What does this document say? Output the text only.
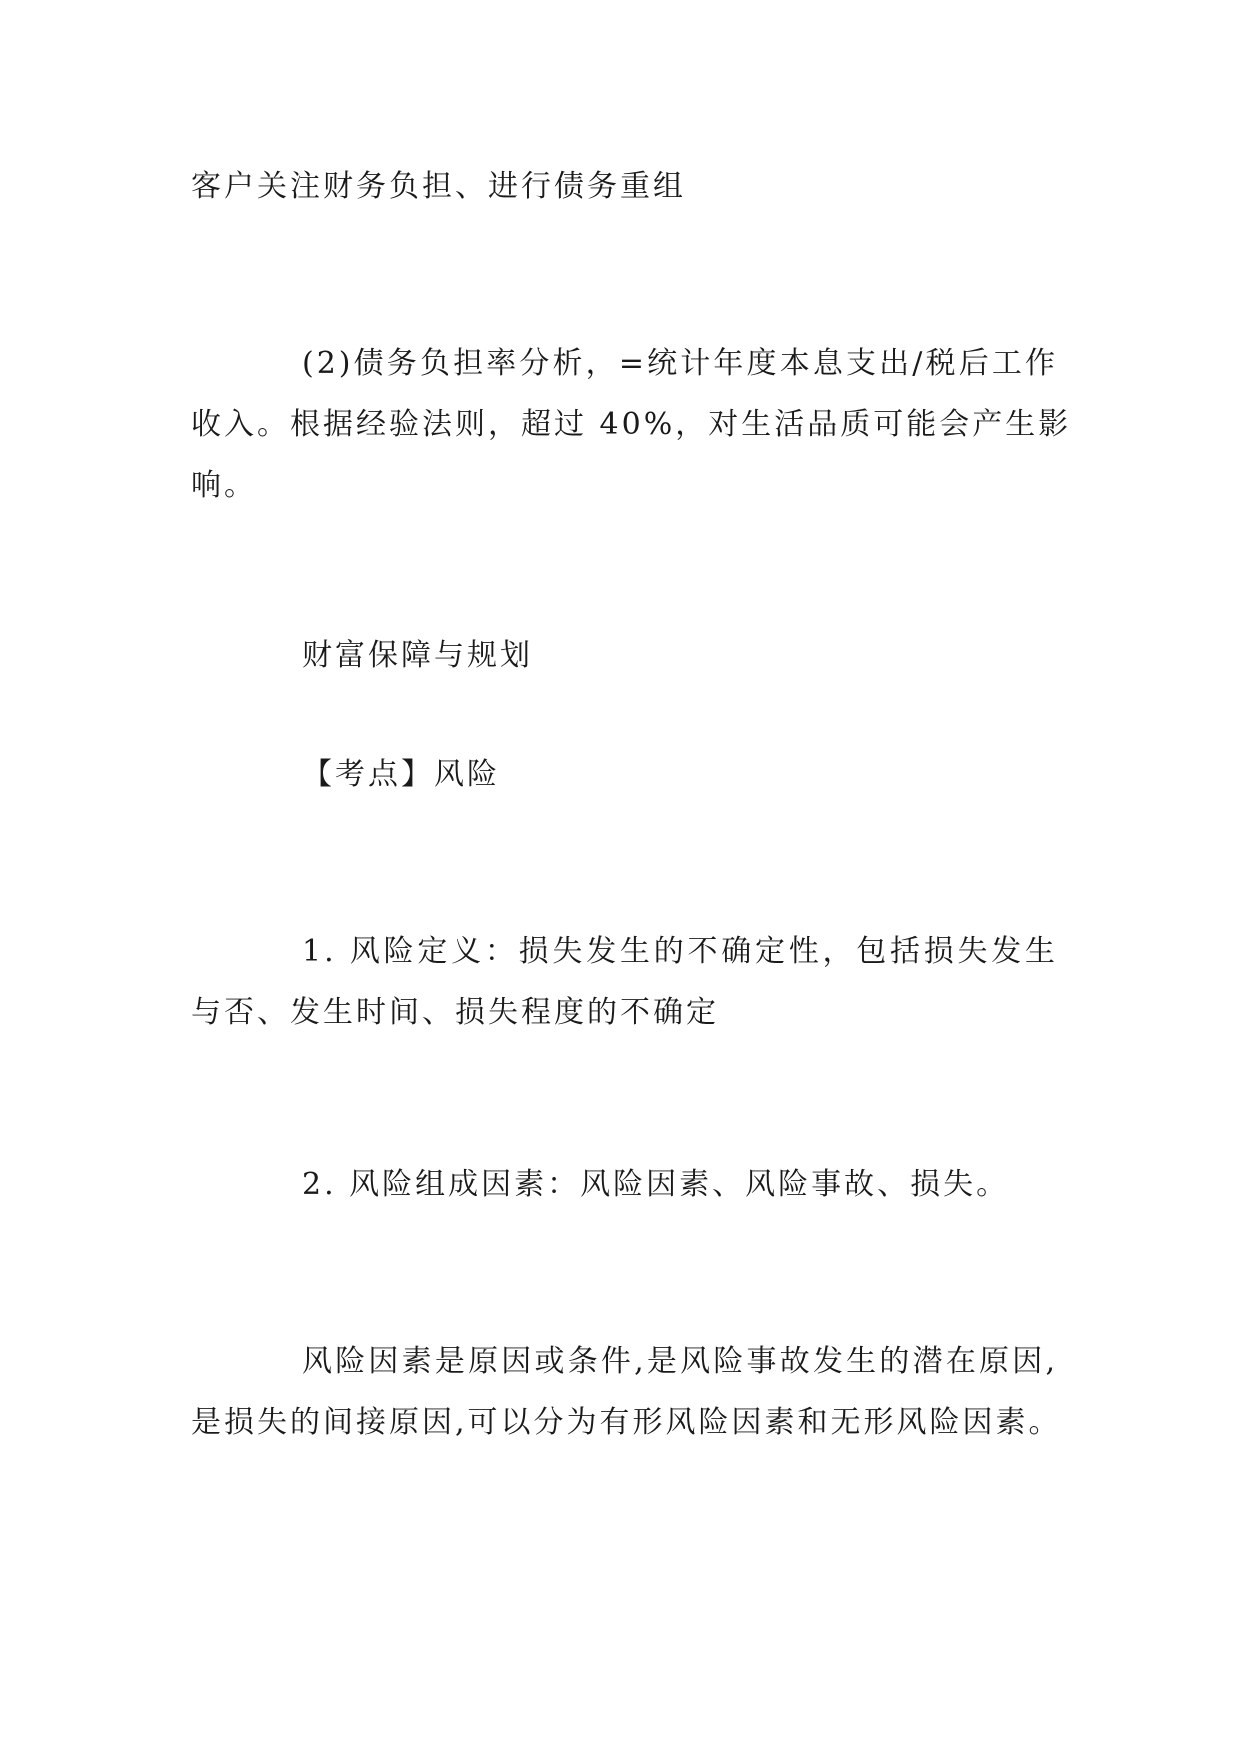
客户关注财务负担、进行债务重组
(2)债务负担率分析，=统计年度本息支出/税后工作
收入。根据经验法则，超过 40%，对生活品质可能会产生影
响。
财富保障与规划
【考点】风险
1. 风险定义：损失发生的不确定性，包括损失发生
与否、发生时间、损失程度的不确定
2. 风险组成因素：风险因素、风险事故、损失。
风险因素是原因或条件,是风险事故发生的潜在原因,
是损失的间接原因,可以分为有形风险因素和无形风险因素。
